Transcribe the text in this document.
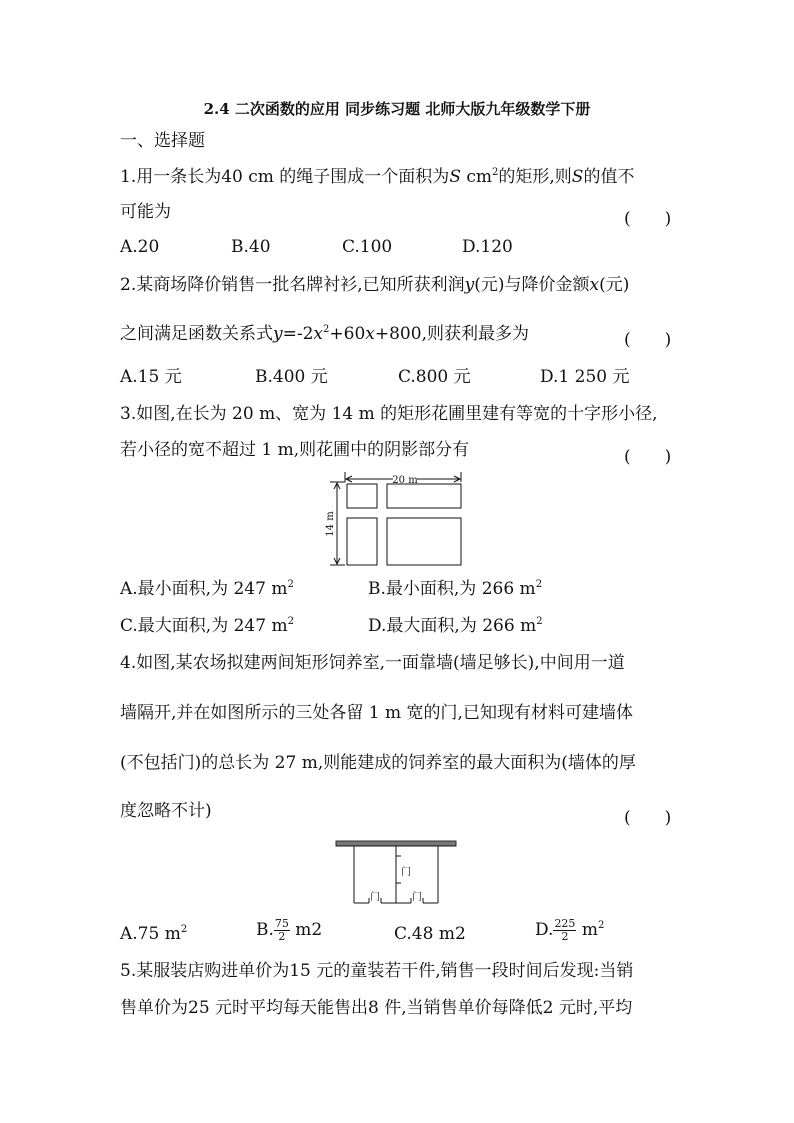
2.4 二次函数的应用 同步练习题 北师大版九年级数学下册
一、选择题
1.用一条长为40 cm 的绳子围成一个面积为S $cm^2$的矩形,则S的值不
可能为	(　　)
A.20	B.40	C.100	D.120
2.某商场降价销售一批名牌衬衫,已知所获利润y(元)与降价金额x(元)
之间满足函数关系式$y=-2x^2+60x+800$,则获利最多为	(　　)
A.15 元	B.400 元	C.800 元	D.1 250 元
3.如图,在长为 20 m、宽为 14 m 的矩形花圃里建有等宽的十字形小径,
若小径的宽不超过 1 m,则花圃中的阴影部分有	(　　)
20 m
14 m
A.最小面积,为 247 $m^2$	B.最小面积,为 266 $m^2$
C.最大面积,为 247 $m^2$	D.最大面积,为 266 $m^2$
4.如图,某农场拟建两间矩形饲养室,一面靠墙(墙足够长),中间用一道
墙隔开,并在如图所示的三处各留 1 m 宽的门,已知现有材料可建墙体
(不包括门)的总长为 27 m,则能建成的饲养室的最大面积为(墙体的厚
度忽略不计)	(　　)
门
门	门
A.75 $m^2$	B. $\frac{75}{2} m2$	C.48 m2	D. $\frac{225}{2} m^2$
5.某服装店购进单价为15 元的童装若干件,销售一段时间后发现:当销
售单价为25 元时平均每天能售出8 件,当销售单价每降低2 元时,平均
